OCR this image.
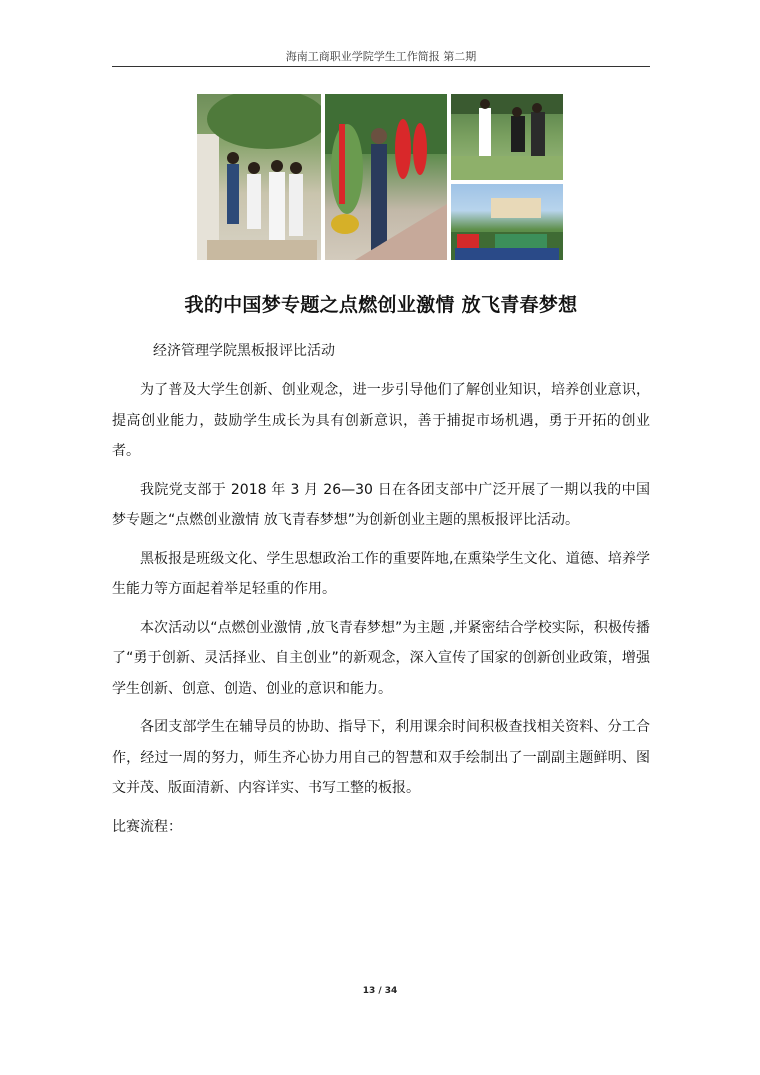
海南工商职业学院学生工作简报 第二期
我的中国梦专题之点燃创业激情 放飞青春梦想
经济管理学院黑板报评比活动

为了普及大学生创新、创业观念，进一步引导他们了解创业知识，培养创业意识，提高创业能力，鼓励学生成长为具有创新意识，善于捕捉市场机遇，勇于开拓的创业者。

我院党支部于 2018 年 3 月 26—30 日在各团支部中广泛开展了一期以我的中国梦专题之“点燃创业激情 放飞青春梦想”为创新创业主题的黑板报评比活动。

黑板报是班级文化、学生思想政治工作的重要阵地,在熏染学生文化、道德、培养学生能力等方面起着举足轻重的作用。

本次活动以“点燃创业激情 ,放飞青春梦想”为主题 ,并紧密结合学校实际，积极传播了“勇于创新、灵活择业、自主创业”的新观念，深入宣传了国家的创新创业政策，增强学生创新、创意、创造、创业的意识和能力。

各团支部学生在辅导员的协助、指导下，利用课余时间积极查找相关资料、分工合作，经过一周的努力，师生齐心协力用自己的智慧和双手绘制出了一副副主题鲜明、图文并茂、版面清新、内容详实、书写工整的板报。

比赛流程：

13 / 34
